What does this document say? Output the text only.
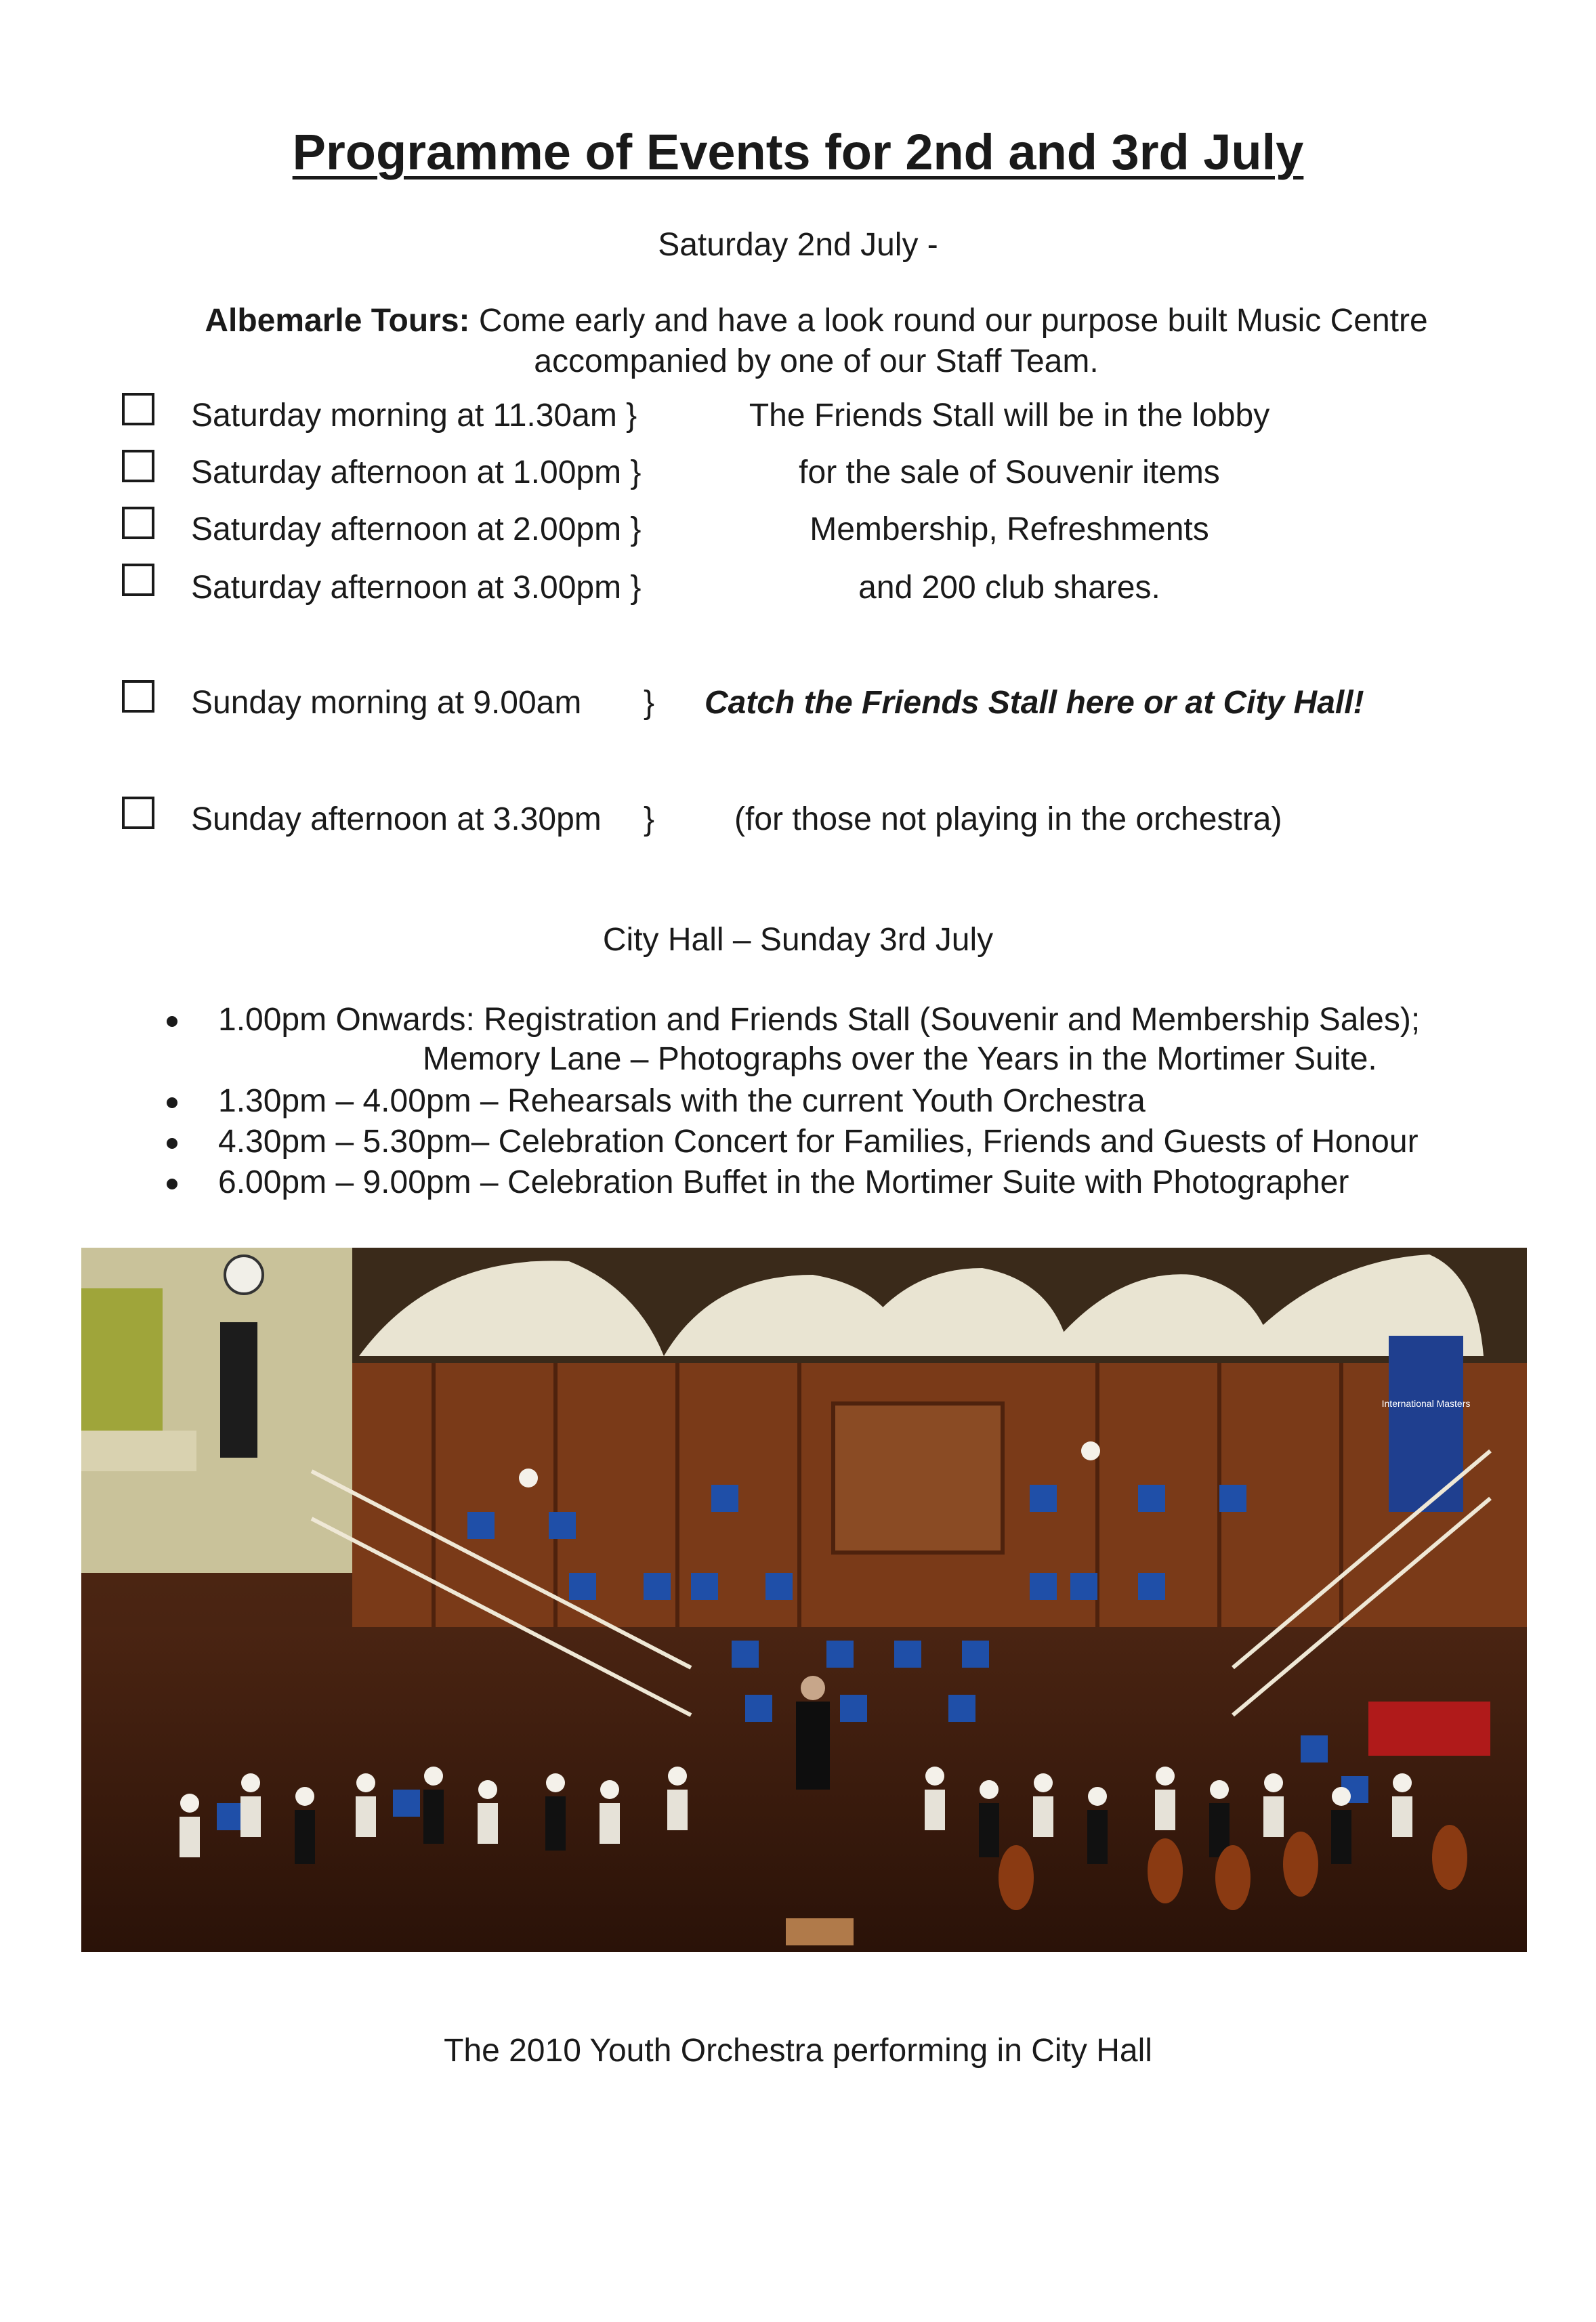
Programme of Events for 2nd and 3rd July
Saturday 2nd July -
Albemarle Tours: Come early and have a look round our purpose built Music Centre accompanied by one of our Staff Team.
Saturday morning at 11.30am }	The Friends Stall will be in the lobby
Saturday afternoon at 1.00pm }	for the sale of Souvenir items
Saturday afternoon at 2.00pm }	Membership, Refreshments
Saturday afternoon at 3.00pm }	and 200 club shares.
Sunday morning at 9.00am } Catch the Friends Stall here or at City Hall!
Sunday afternoon at 3.30pm } (for those not playing in the orchestra)
City Hall – Sunday 3rd July
1.00pm Onwards: Registration and Friends Stall (Souvenir and Membership Sales);
Memory Lane – Photographs over the Years in the Mortimer Suite.
1.30pm – 4.00pm – Rehearsals with the current Youth Orchestra
4.30pm – 5.30pm– Celebration Concert for Families, Friends and Guests of Honour
6.00pm – 9.00pm – Celebration Buffet in the Mortimer Suite with Photographer
International Masters
The 2010 Youth Orchestra performing in City Hall
